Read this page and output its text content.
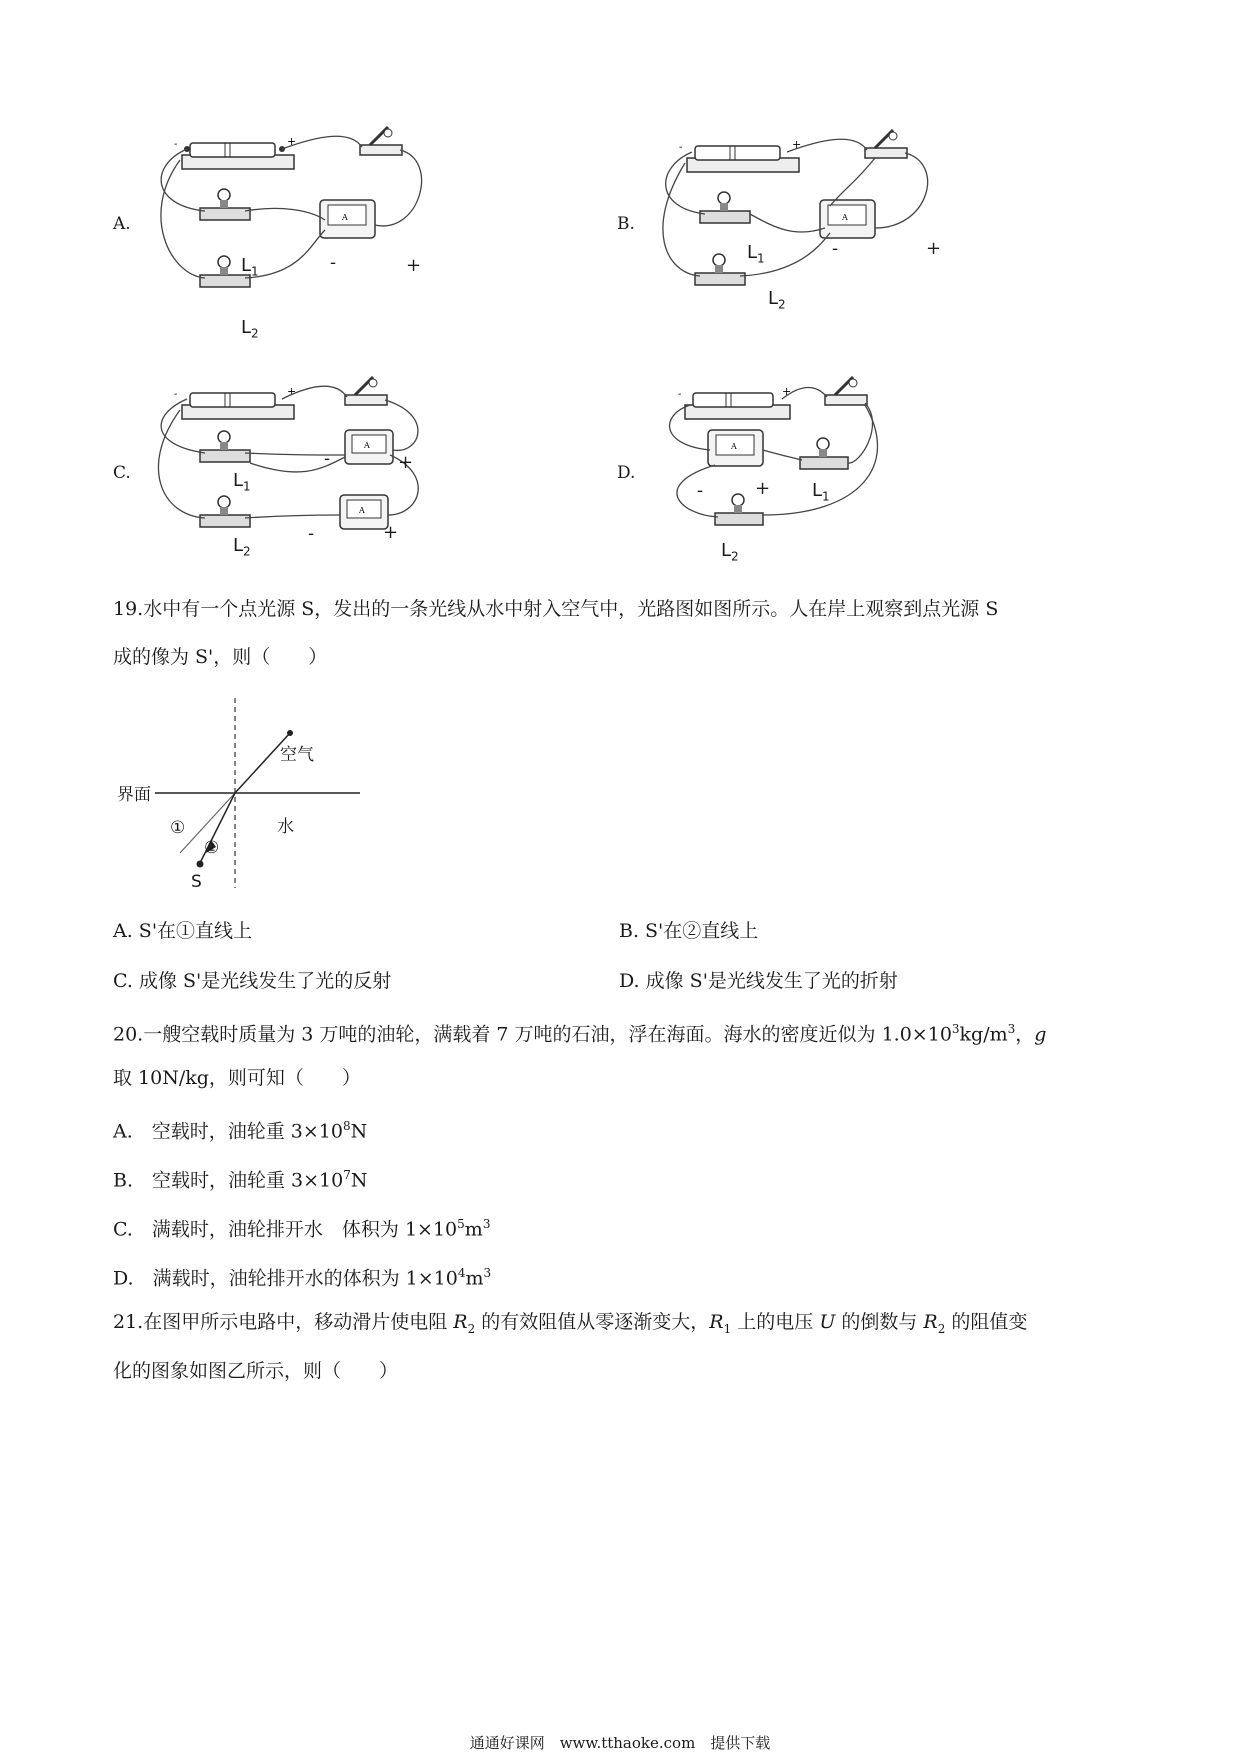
A.
-	+
A
$L_1$
$L_2$
-	+
B.
-	+
A
$L_1$
$L_2$
-	+
C.
-	+
A
A
$L_1$
$L_2$
-	+
-	+
D.
-	+
A
$L_1$
$L_2$
-	+
19.水中有一个点光源 S，发出的一条光线从水中射入空气中，光路图如图所示。人在岸上观察到点光源 S
成的像为 S'，则（　　）
空气
界面
水
①
②
S
A. S'在①直线上	B. S'在②直线上
C. 成像 S'是光线发生了光的反射	D. 成像 S'是光线发生了光的折射
20.一艘空载时质量为 3 万吨的油轮，满载着 7 万吨的石油，浮在海面。海水的密度近似为 $1.0\times 10^3kg/m^3$，g
取 10N/kg，则可知（　　）
A.　空载时，油轮重 $3\times 10^8N$
B.　空载时，油轮重 $3\times 10^7N$
C.　满载时，油轮排开水　体积为 $1\times 10^5m^3$
D.　满载时，油轮排开水的体积为 $1\times 10^4m^3$
21.在图甲所示电路中，移动滑片使电阻 $R_2$ 的有效阻值从零逐渐变大，$R_1$ 上的电压 U 的倒数与 $R_2$ 的阻值变
化的图象如图乙所示，则（　　）
通通好课网　www.tthaoke.com　提供下载
